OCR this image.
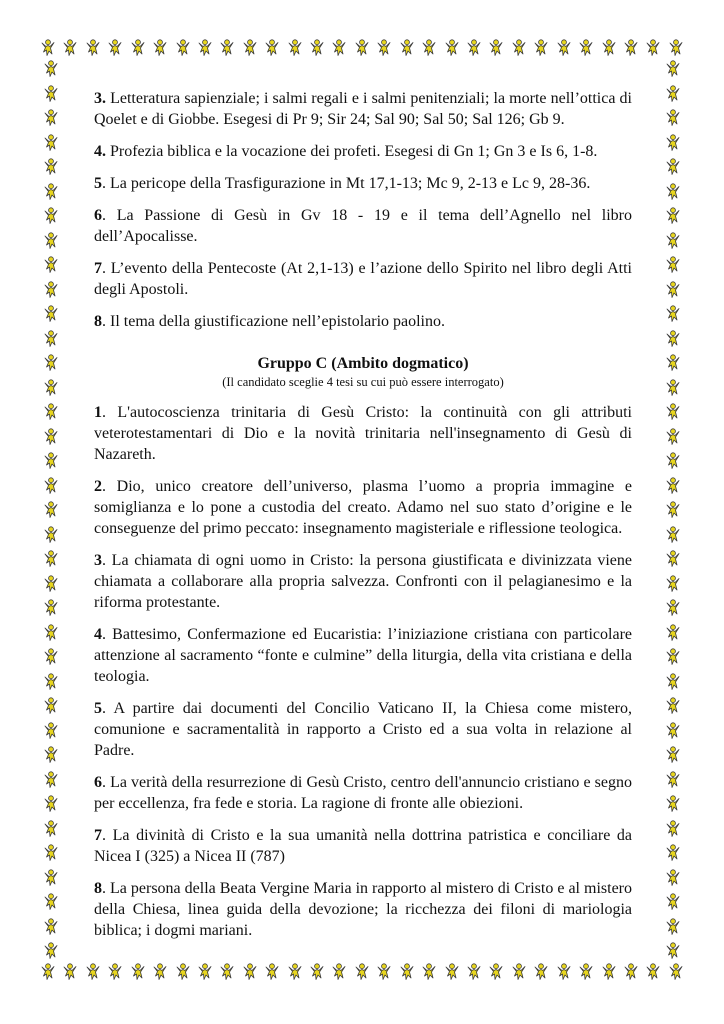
3. Letteratura sapienziale; i salmi regali e i salmi penitenziali; la morte nell’ottica di Qoelet e di Giobbe. Esegesi di Pr 9; Sir 24; Sal 90; Sal 50; Sal 126; Gb 9.

4. Profezia biblica e la vocazione dei profeti. Esegesi di Gn 1; Gn 3 e Is 6, 1-8.

5. La pericope della Trasfigurazione in Mt 17,1-13; Mc 9, 2-13 e Lc 9, 28-36.

6. La Passione di Gesù in Gv 18 - 19 e il tema dell’Agnello nel libro dell’Apocalisse.

7. L’evento della Pentecoste (At 2,1-13) e l’azione dello Spirito nel libro degli Atti degli Apostoli.

8. Il tema della giustificazione nell’epistolario paolino.

Gruppo C (Ambito dogmatico)
(Il candidato sceglie 4 tesi su cui può essere interrogato)

1. L'autocoscienza trinitaria di Gesù Cristo: la continuità con gli attributi veterotestamentari di Dio e la novità trinitaria nell'insegnamento di Gesù di Nazareth.

2. Dio, unico creatore dell’universo, plasma l’uomo a propria immagine e somiglianza e lo pone a custodia del creato. Adamo nel suo stato d’origine e le conseguenze del primo peccato: insegnamento magisteriale e riflessione teologica.

3. La chiamata di ogni uomo in Cristo: la persona giustificata e divinizzata viene chiamata a collaborare alla propria salvezza. Confronti con il pelagianesimo e la riforma protestante.

4. Battesimo, Confermazione ed Eucaristia: l’iniziazione cristiana con particolare attenzione al sacramento “fonte e culmine” della liturgia, della vita cristiana e della teologia.

5. A partire dai documenti del Concilio Vaticano II, la Chiesa come mistero, comunione e sacramentalità in rapporto a Cristo ed a sua volta in relazione al Padre.

6. La verità della resurrezione di Gesù Cristo, centro dell'annuncio cristiano e segno per eccellenza, fra fede e storia. La ragione di fronte alle obiezioni.

7. La divinità di Cristo e la sua umanità nella dottrina patristica e conciliare da Nicea I (325) a Nicea II (787)

8. La persona della Beata Vergine Maria in rapporto al mistero di Cristo e al mistero della Chiesa, linea guida della devozione; la ricchezza dei filoni di mariologia biblica; i dogmi mariani.
